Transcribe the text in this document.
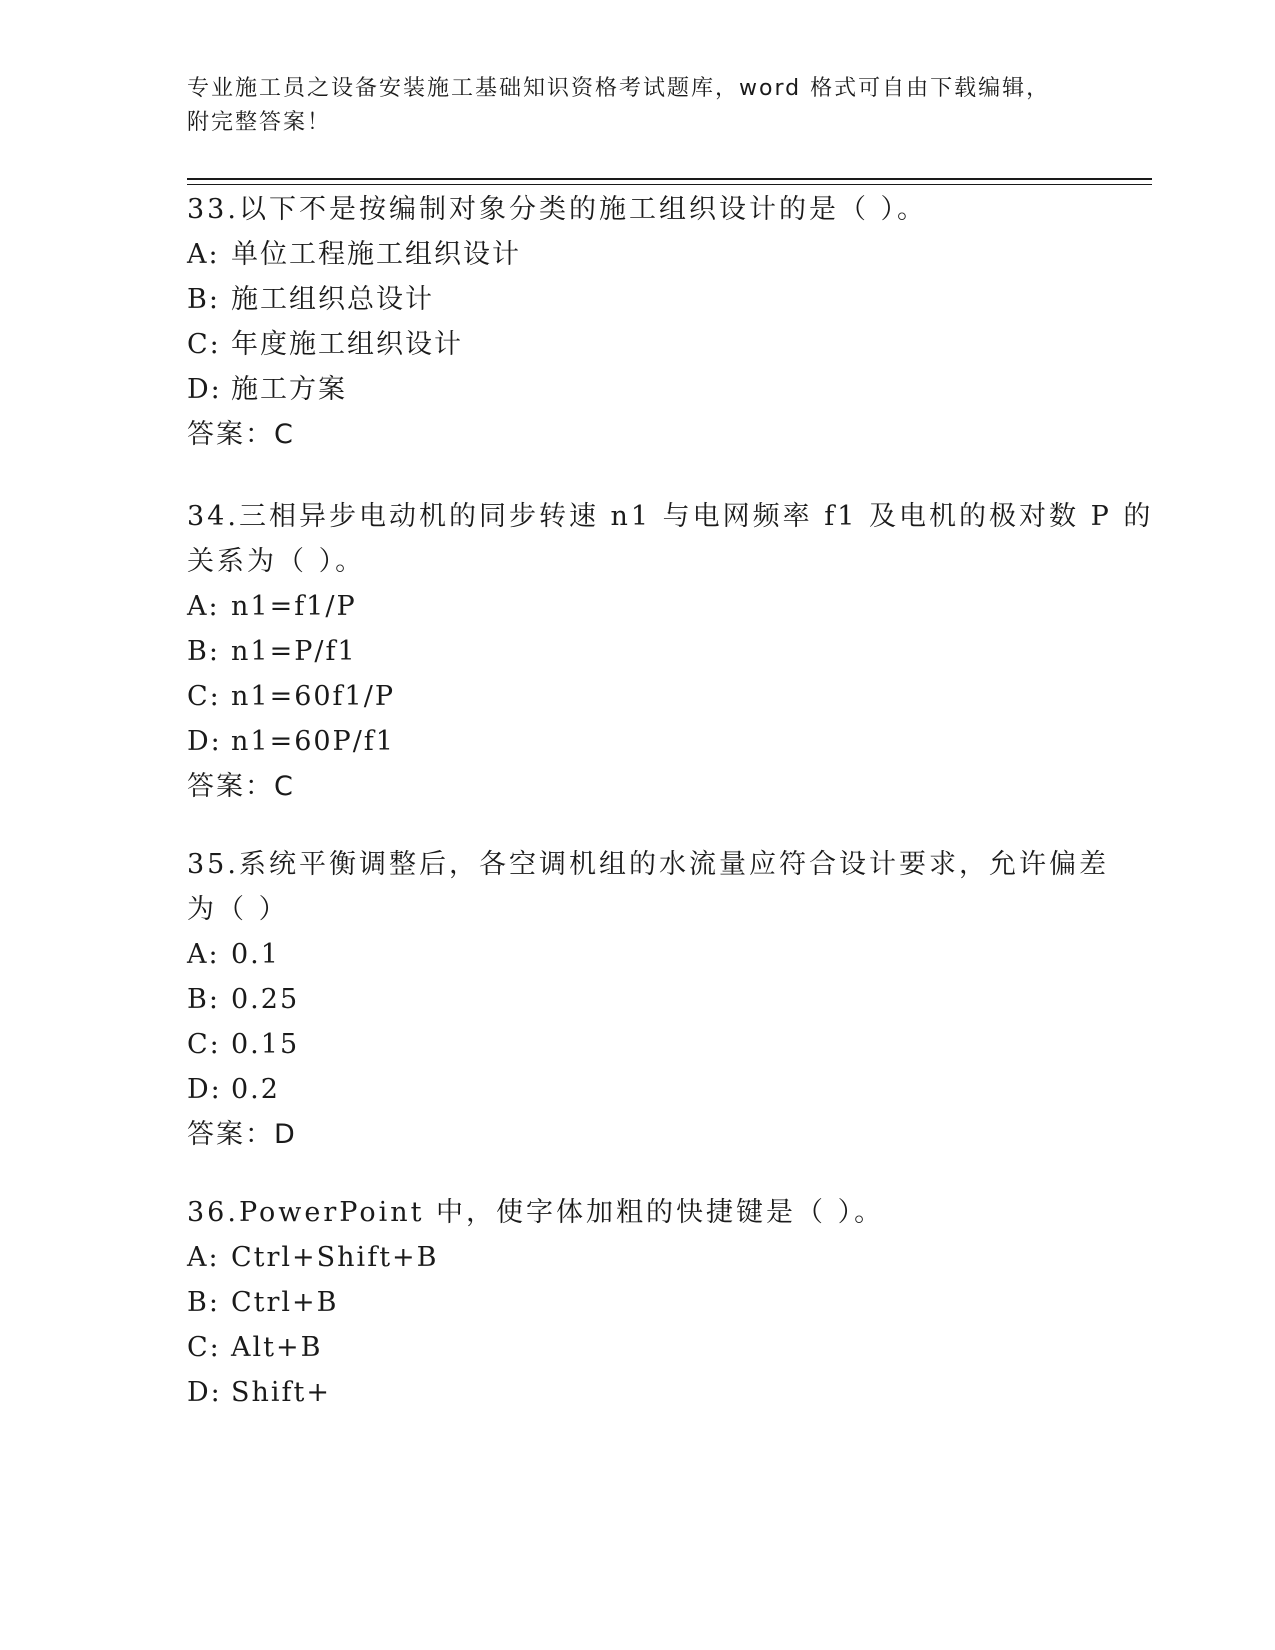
专业施工员之设备安装施工基础知识资格考试题库，word 格式可自由下载编辑，
附完整答案！
33.以下不是按编制对象分类的施工组织设计的是（ ）。
A: 单位工程施工组织设计
B: 施工组织总设计
C: 年度施工组织设计
D: 施工方案
答案：C
34.三相异步电动机的同步转速 n1 与电网频率 f1 及电机的极对数 P 的
关系为（ ）。
A: n1=f1/P
B: n1=P/f1
C: n1=60f1/P
D: n1=60P/f1
答案：C
35.系统平衡调整后，各空调机组的水流量应符合设计要求，允许偏差
为（ ）
A: 0.1
B: 0.25
C: 0.15
D: 0.2
答案：D
36.PowerPoint 中，使字体加粗的快捷键是（ ）。
A: Ctrl+Shift+B
B: Ctrl+B
C: Alt+B
D: Shift+
